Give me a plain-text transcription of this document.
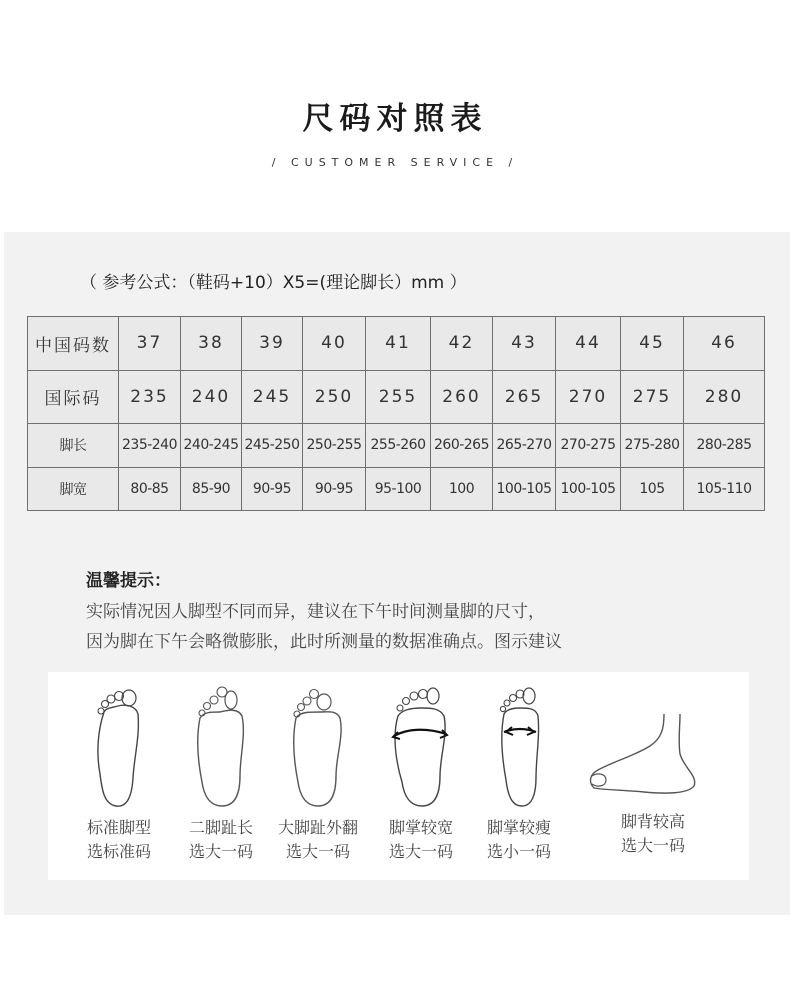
尺码对照表
/ CUSTOMER SERVICE /
（ 参考公式：（鞋码+10）X5=(理论脚长）mm ）
中国码数	37	38	39	40	41	42	43	44	45	46
国际码	235	240	245	250	255	260	265	270	275	280
脚长	235-240	240-245	245-250	250-255	255-260	260-265	265-270	270-275	275-280	280-285
脚宽	80-85	85-90	90-95	90-95	95-100	100	100-105	100-105	105	105-110
温馨提示：
实际情况因人脚型不同而异，建议在下午时间测量脚的尺寸，
因为脚在下午会略微膨胀，此时所测量的数据准确点。图示建议
标准脚型
选标准码
二脚趾长
选大一码
大脚趾外翻
选大一码
脚掌较宽
选大一码
脚掌较瘦
选小一码
脚背较高
选大一码
